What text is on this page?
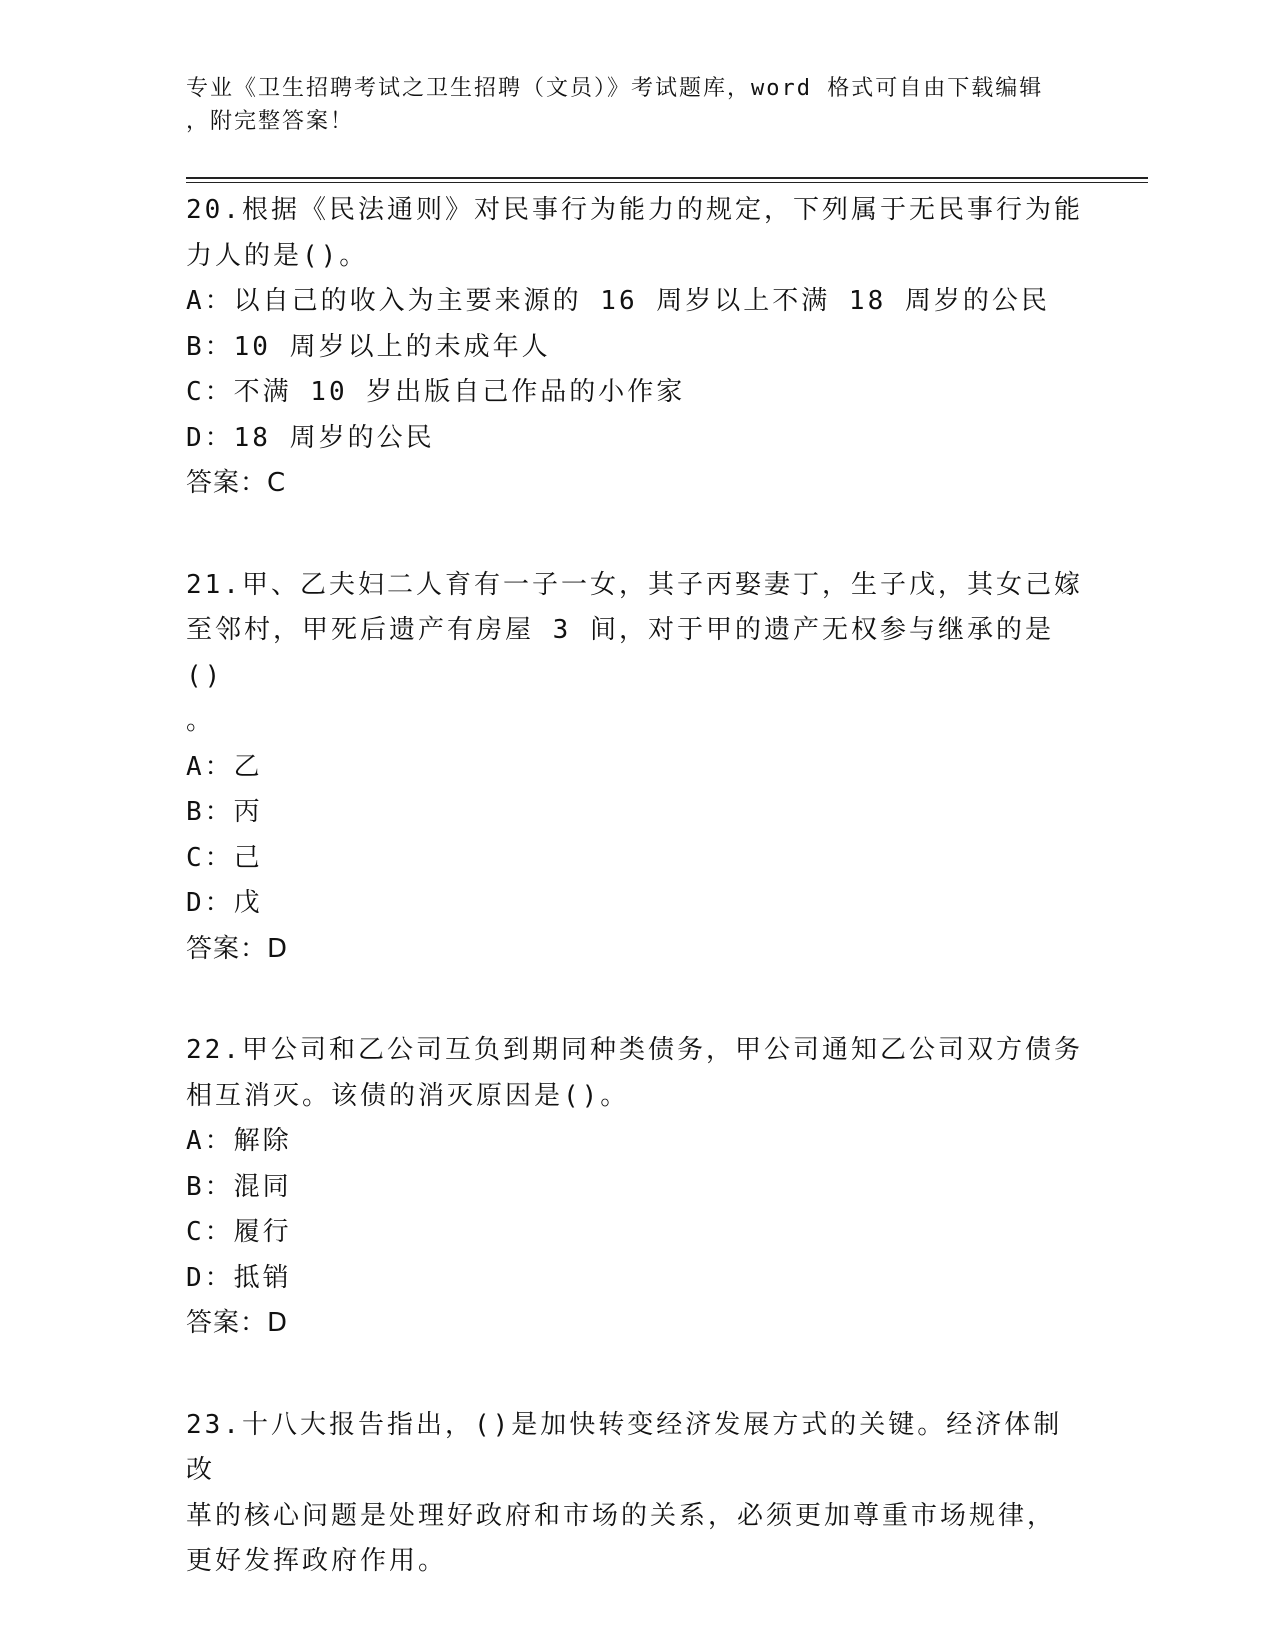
专业《卫生招聘考试之卫生招聘（文员）》考试题库，word 格式可自由下载编辑
，附完整答案！

20.根据《民法通则》对民事行为能力的规定，下列属于无民事行为能

力人的是()。

A：以自己的收入为主要来源的 16 周岁以上不满 18 周岁的公民

B：10 周岁以上的未成年人

C：不满 10 岁出版自己作品的小作家

D：18 周岁的公民

答案：C

21.甲、乙夫妇二人育有一子一女，其子丙娶妻丁，生子戊，其女己嫁

至邻村，甲死后遗产有房屋 3 间，对于甲的遗产无权参与继承的是()

。

A：乙

B：丙

C：己

D：戊

答案：D

22.甲公司和乙公司互负到期同种类债务，甲公司通知乙公司双方债务

相互消灭。该债的消灭原因是()。

A：解除

B：混同

C：履行

D：抵销

答案：D

23.十八大报告指出，()是加快转变经济发展方式的关键。经济体制改

革的核心问题是处理好政府和市场的关系，必须更加尊重市场规律，

更好发挥政府作用。
